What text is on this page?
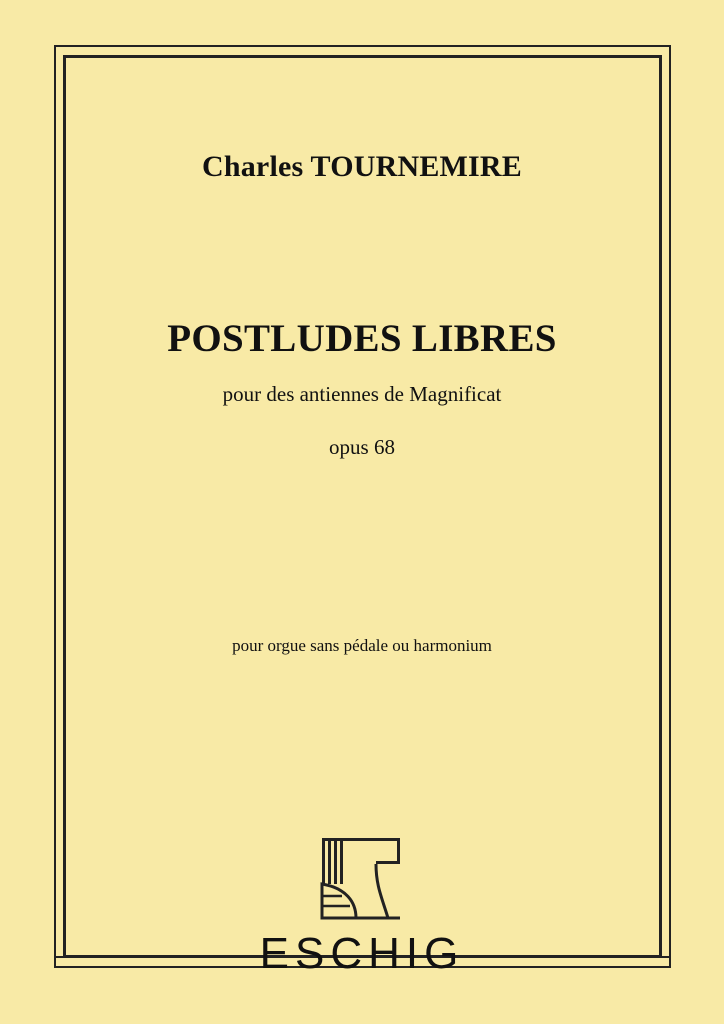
Charles TOURNEMIRE
POSTLUDES LIBRES
pour des antiennes de Magnificat
opus 68
pour orgue sans pédale ou harmonium
ESCHIG
